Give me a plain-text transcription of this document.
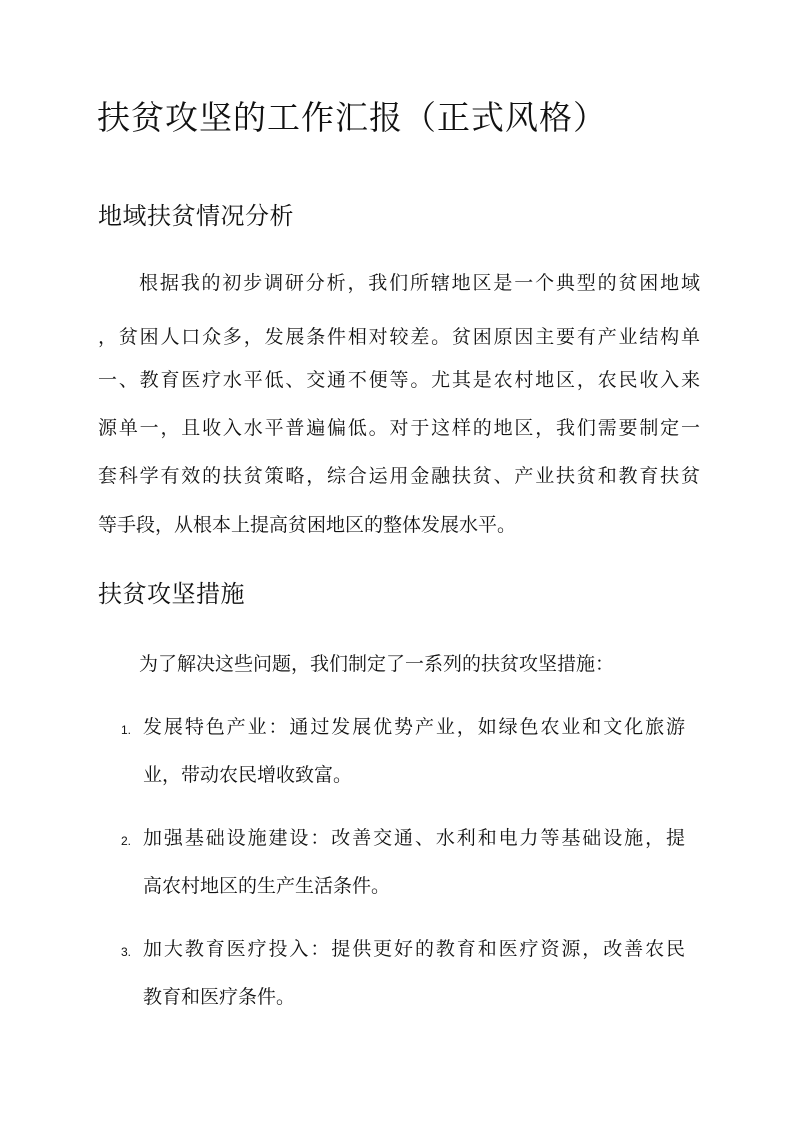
扶贫攻坚的工作汇报（正式风格）
地域扶贫情况分析

根据我的初步调研分析，我们所辖地区是一个典型的贫困地域

，贫困人口众多，发展条件相对较差。贫困原因主要有产业结构单

一、教育医疗水平低、交通不便等。尤其是农村地区，农民收入来

源单一，且收入水平普遍偏低。对于这样的地区，我们需要制定一

套科学有效的扶贫策略，综合运用金融扶贫、产业扶贫和教育扶贫

等手段，从根本上提高贫困地区的整体发展水平。

扶贫攻坚措施

为了解决这些问题，我们制定了一系列的扶贫攻坚措施：

1. 发展特色产业：通过发展优势产业，如绿色农业和文化旅游

业，带动农民增收致富。

2. 加强基础设施建设：改善交通、水利和电力等基础设施，提

高农村地区的生产生活条件。

3. 加大教育医疗投入：提供更好的教育和医疗资源，改善农民

教育和医疗条件。
